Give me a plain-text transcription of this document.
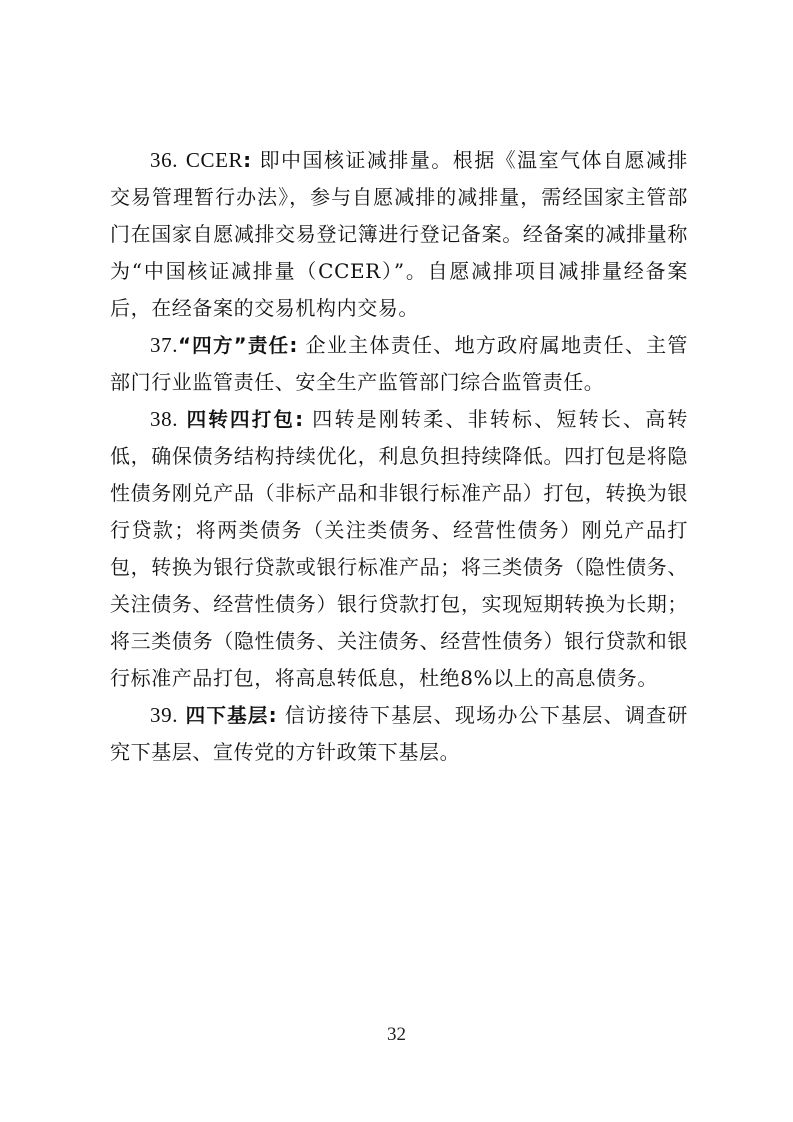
36. CCER: 即中国核证减排量。根据《温室气体自愿减排交易管理暂行办法》，参与自愿减排的减排量，需经国家主管部门在国家自愿减排交易登记簿进行登记备案。经备案的减排量称为“中国核证减排量（CCER）”。自愿减排项目减排量经备案后，在经备案的交易机构内交易。

37.“四方”责任: 企业主体责任、地方政府属地责任、主管部门行业监管责任、安全生产监管部门综合监管责任。

38. 四转四打包: 四转是刚转柔、非转标、短转长、高转低，确保债务结构持续优化，利息负担持续降低。四打包是将隐性债务刚兑产品（非标产品和非银行标准产品）打包，转换为银行贷款；将两类债务（关注类债务、经营性债务）刚兑产品打包，转换为银行贷款或银行标准产品；将三类债务（隐性债务、关注债务、经营性债务）银行贷款打包，实现短期转换为长期；将三类债务（隐性债务、关注债务、经营性债务）银行贷款和银行标准产品打包，将高息转低息，杜绝8%以上的高息债务。

39. 四下基层: 信访接待下基层、现场办公下基层、调查研究下基层、宣传党的方针政策下基层。

32
